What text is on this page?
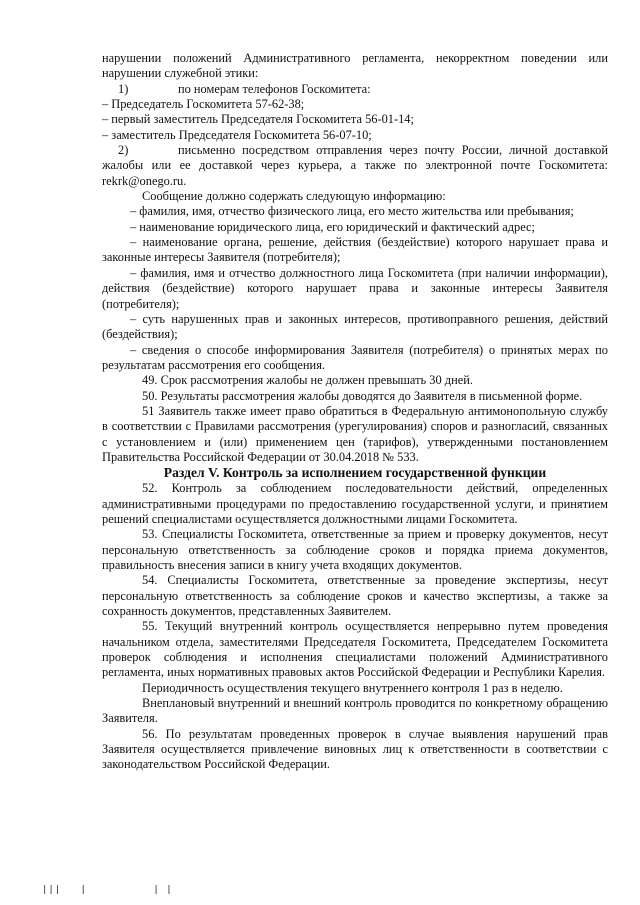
нарушении положений Административного регламента, некорректном поведении или нарушении служебной этики:

1)	по номерам телефонов Госкомитета:

– Председатель Госкомитета 57-62-38;

– первый заместитель Председателя Госкомитета 56-01-14;

– заместитель Председателя Госкомитета 56-07-10;

2)	письменно посредством отправления через почту России, личной доставкой жалобы или ее доставкой через курьера, а также по электронной почте Госкомитета: rekrk@onego.ru.

Сообщение должно содержать следующую информацию:

– фамилия, имя, отчество физического лица, его место жительства или пребывания;

– наименование юридического лица, его юридический и фактический адрес;

– наименование органа, решение, действия (бездействие) которого нарушает права и законные интересы Заявителя (потребителя);

– фамилия, имя и отчество должностного лица Госкомитета (при наличии информации), действия (бездействие) которого нарушает права и законные интересы Заявителя (потребителя);

– суть нарушенных прав и законных интересов, противоправного решения, действий (бездействия);

– сведения о способе информирования Заявителя (потребителя) о принятых мерах по результатам рассмотрения его сообщения.

49. Срок рассмотрения жалобы не должен превышать 30 дней.

50. Результаты рассмотрения жалобы доводятся до Заявителя в письменной форме.

51 Заявитель также имеет право обратиться в Федеральную антимонопольную службу в соответствии с Правилами рассмотрения (урегулирования) споров и разногласий, связанных с установлением и (или) применением цен (тарифов), утвержденными постановлением Правительства Российской Федерации от 30.04.2018 № 533.

Раздел V. Контроль за исполнением государственной функции

52. Контроль за соблюдением последовательности действий, определенных административными процедурами по предоставлению государственной услуги, и принятием решений специалистами осуществляется должностными лицами Госкомитета.

53. Специалисты Госкомитета, ответственные за прием и проверку документов, несут персональную ответственность за соблюдение сроков и порядка приема документов, правильность внесения записи в книгу учета входящих документов.

54. Специалисты Госкомитета, ответственные за проведение экспертизы, несут персональную ответственность за соблюдение сроков и качество экспертизы, а также за сохранность документов, представленных Заявителем.

55. Текущий внутренний контроль осуществляется непрерывно путем проведения начальником отдела, заместителями Председателя Госкомитета, Председателем Госкомитета проверок соблюдения и исполнения специалистами положений Административного регламента, иных нормативных правовых актов Российской Федерации и Республики Карелия.

Периодичность осуществления текущего внутреннего контроля 1 раз в неделю.

Внеплановый внутренний и внешний контроль проводится по конкретному обращению Заявителя.

56. По результатам проведенных проверок в случае выявления нарушений прав Заявителя осуществляется привлечение виновных лиц к ответственности в соответствии с законодательством Российской Федерации.

|||   |	| |
